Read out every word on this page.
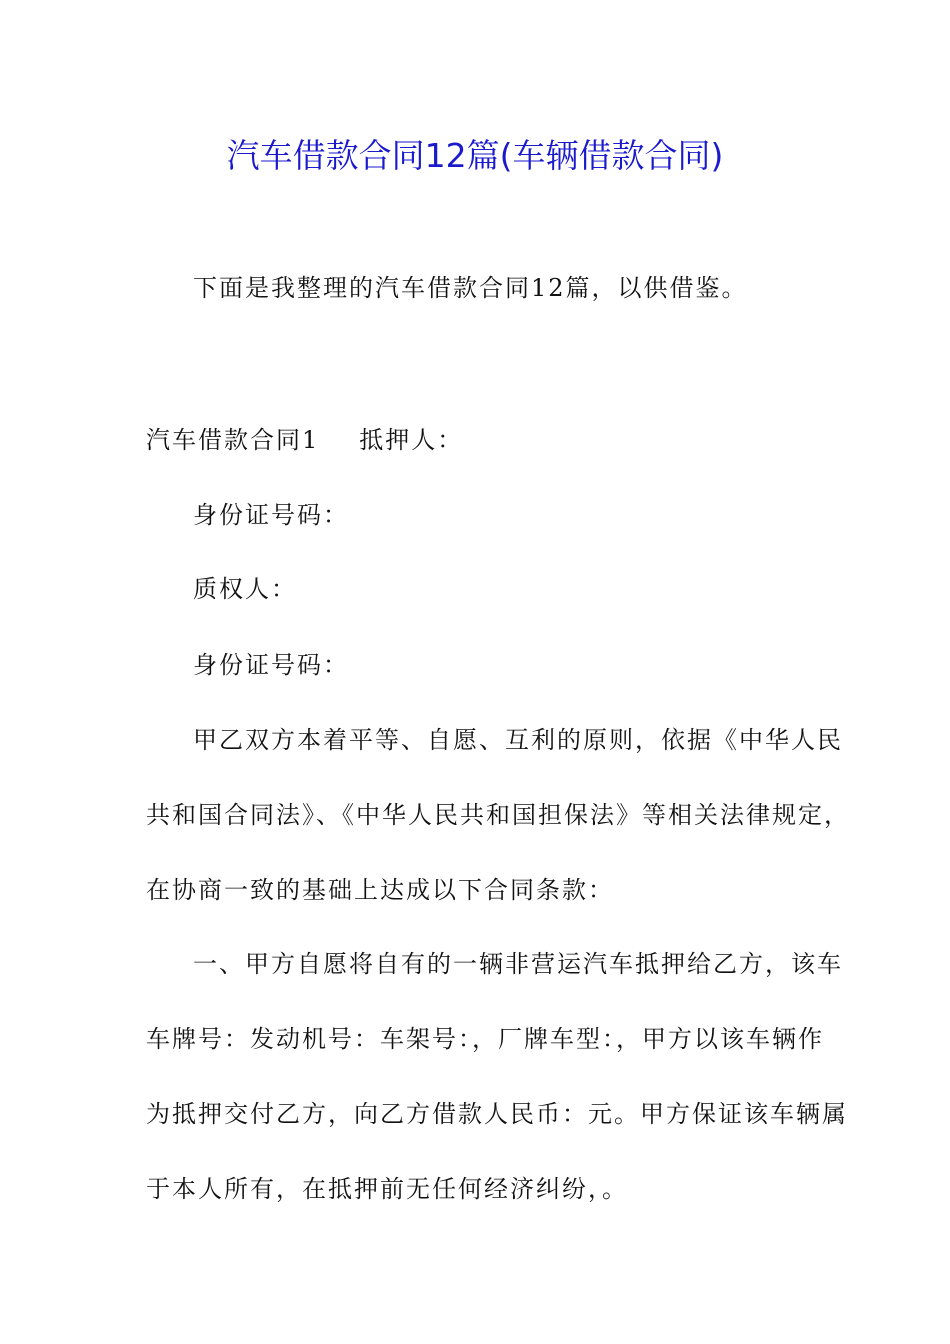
汽车借款合同12篇(车辆借款合同)
下面是我整理的汽车借款合同12篇，以供借鉴。
汽车借款合同1 抵押人：
身份证号码：
质权人：
身份证号码：
甲乙双方本着平等、自愿、互利的原则，依据《中华人民
共和国合同法》、《中华人民共和国担保法》等相关法律规定，
在协商一致的基础上达成以下合同条款：
一、甲方自愿将自有的一辆非营运汽车抵押给乙方，该车
车牌号：发动机号：车架号：，厂牌车型：，甲方以该车辆作
为抵押交付乙方，向乙方借款人民币：元。甲方保证该车辆属
于本人所有，在抵押前无任何经济纠纷，。
